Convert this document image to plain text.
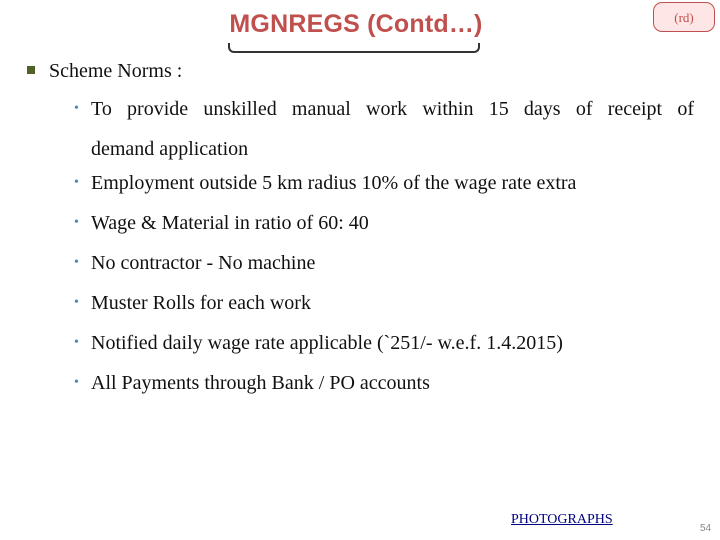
MGNREGS (Contd…)	(rd)
Scheme Norms :
• To provide unskilled manual work within 15 days of receipt of
demand application
• Employment outside 5 km radius 10% of the wage rate extra
• Wage & Material in ratio of 60: 40
• No contractor - No machine
• Muster Rolls for each work
• Notified daily wage rate applicable (`251/- w.e.f. 1.4.2015)
• All Payments through Bank / PO accounts
PHOTOGRAPHS
54
